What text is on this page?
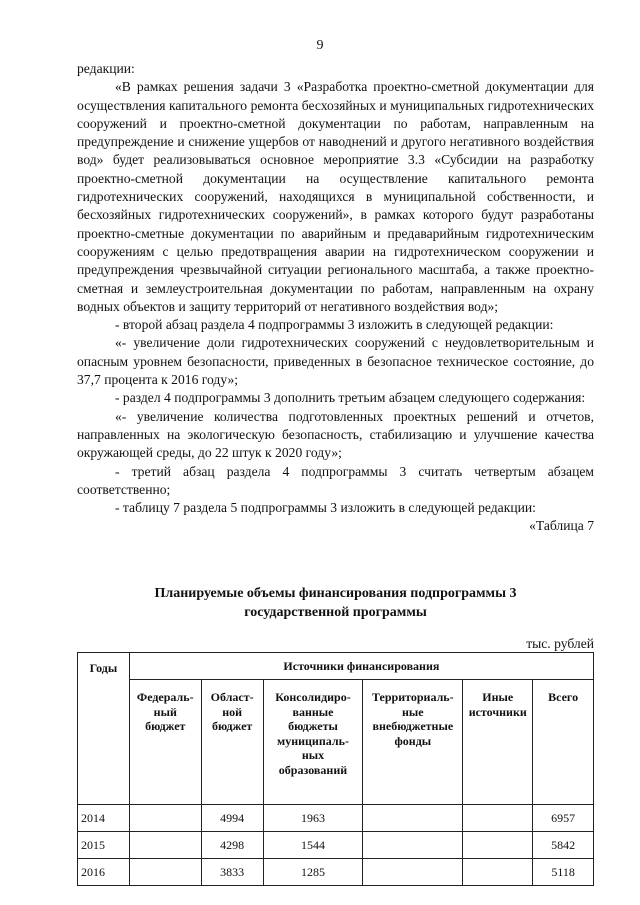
9

редакции:

«В рамках решения задачи 3 «Разработка проектно-сметной документации для осуществления капитального ремонта бесхозяйных и муниципальных гидротехнических сооружений и проектно-сметной документации по работам, направленным на предупреждение и снижение ущербов от наводнений и другого негативного воздействия вод» будет реализовываться основное мероприятие 3.3 «Субсидии на разработку проектно-сметной документации на осуществление капитального ремонта гидротехнических сооружений, находящихся в муниципальной собственности, и бесхозяйных гидротехнических сооружений», в рамках которого будут разработаны проектно-сметные документации по аварийным и предаварийным гидротехническим сооружениям с целью предотвращения аварии на гидротехническом сооружении и предупреждения чрезвычайной ситуации регионального масштаба, а также проектно-сметная и землеустроительная документации по работам, направленным на охрану водных объектов и защиту территорий от негативного воздействия вод»;

- второй абзац раздела 4 подпрограммы 3 изложить в следующей редакции:

«- увеличение доли гидротехнических сооружений с неудовлетворительным и опасным уровнем безопасности, приведенных в безопасное техническое состояние, до 37,7 процента к 2016 году»;

- раздел 4 подпрограммы 3 дополнить третьим абзацем следующего содержания:

«- увеличение количества подготовленных проектных решений и отчетов, направленных на экологическую безопасность, стабилизацию и улучшение качества окружающей среды, до 22 штук к 2020 году»;

- третий абзац раздела 4 подпрограммы 3 считать четвертым абзацем соответственно;

- таблицу 7 раздела 5 подпрограммы 3 изложить в следующей редакции:

«Таблица 7

Планируемые объемы финансирования подпрограммы 3
государственной программы
тыс. рублей
Годы	Источники финансирования					
	Федераль-ный бюджет	Област-ной бюджет	Консолидиро-ванные бюджеты муниципаль-ных образований	Территориаль-ные внебюджетные фонды	Иные источники	Всего
2014		4994	1963			6957
2015		4298	1544			5842
2016		3833	1285			5118
